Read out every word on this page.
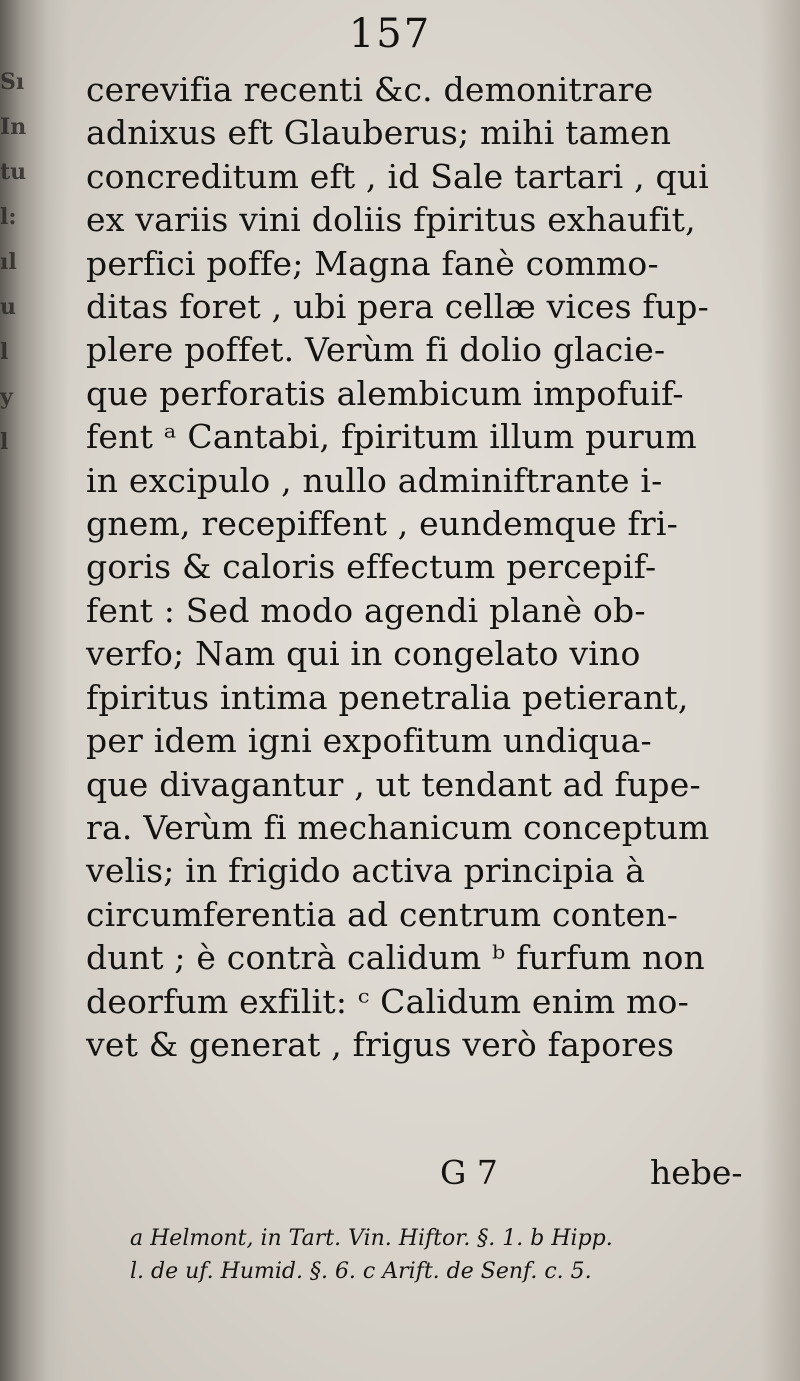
Sı
In
tu
l:
ıl
u
l
y
l
157
cerevifia recenti &c. demonitrare
adnixus eft Glauberus; mihi tamen
concreditum eft , id Sale tartari , qui
ex variis vini doliis fpiritus exhaufit,
perfici poffe; Magna fanè commo-
ditas foret , ubi pera cellæ vices fup-
plere poffet. Verùm fi dolio glacie-
que perforatis alembicum impofuif-
fent ᵃ Cantabi, fpiritum illum purum
in excipulo , nullo adminiftrante i-
gnem, recepiffent , eundemque fri-
goris & caloris effectum percepif-
fent : Sed modo agendi planè ob-
verfo; Nam qui in congelato vino
fpiritus intima penetralia petierant,
per idem igni expofitum undiqua-
que divagantur , ut tendant ad fupe-
ra. Verùm fi mechanicum conceptum
velis; in frigido activa principia à
circumferentia ad centrum conten-
dunt ; è contrà calidum ᵇ furfum non
deorfum exfilit: ᶜ Calidum enim mo-
vet & generat , frigus verò fapores
G 7	hebe-
a Helmont, in Tart. Vin. Hiftor. §. 1. b Hipp.
l. de uf. Humid. §. 6. c Arift. de Senf. c. 5.
